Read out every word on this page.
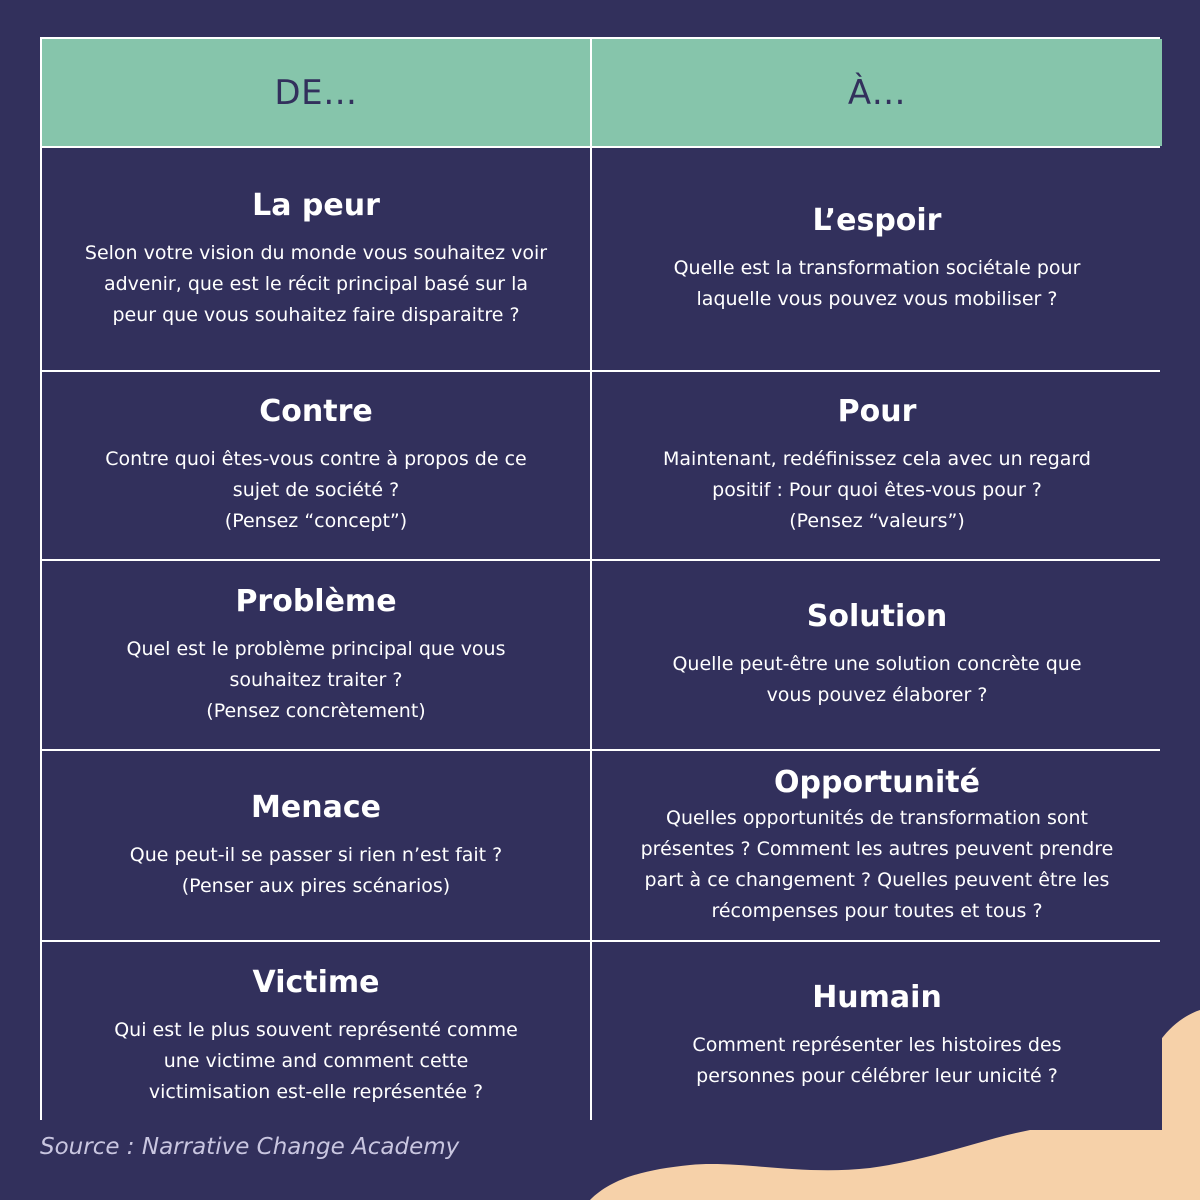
DE…	À…
La peur
Selon votre vision du monde vous souhaitez voir
advenir, que est le récit principal basé sur la
peur que vous souhaitez faire disparaitre ?
L’espoir
Quelle est la transformation sociétale pour
laquelle vous pouvez vous mobiliser ?
Contre
Contre quoi êtes-vous contre à propos de ce
sujet de société ?
(Pensez “concept”)
Pour
Maintenant, redéfinissez cela avec un regard
positif : Pour quoi êtes-vous pour ?
(Pensez “valeurs”)
Problème
Quel est le problème principal que vous
souhaitez traiter ?
(Pensez concrètement)
Solution
Quelle peut-être une solution concrète que
vous pouvez élaborer ?
Menace
Que peut-il se passer si rien n’est fait ?
(Penser aux pires scénarios)
Opportunité
Quelles opportunités de transformation sont
présentes ? Comment les autres peuvent prendre
part à ce changement ? Quelles peuvent être les
récompenses pour toutes et tous ?
Victime
Qui est le plus souvent représenté comme
une victime and comment cette
victimisation est-elle représentée ?
Humain
Comment représenter les histoires des
personnes pour célébrer leur unicité ?
Source : Narrative Change Academy
